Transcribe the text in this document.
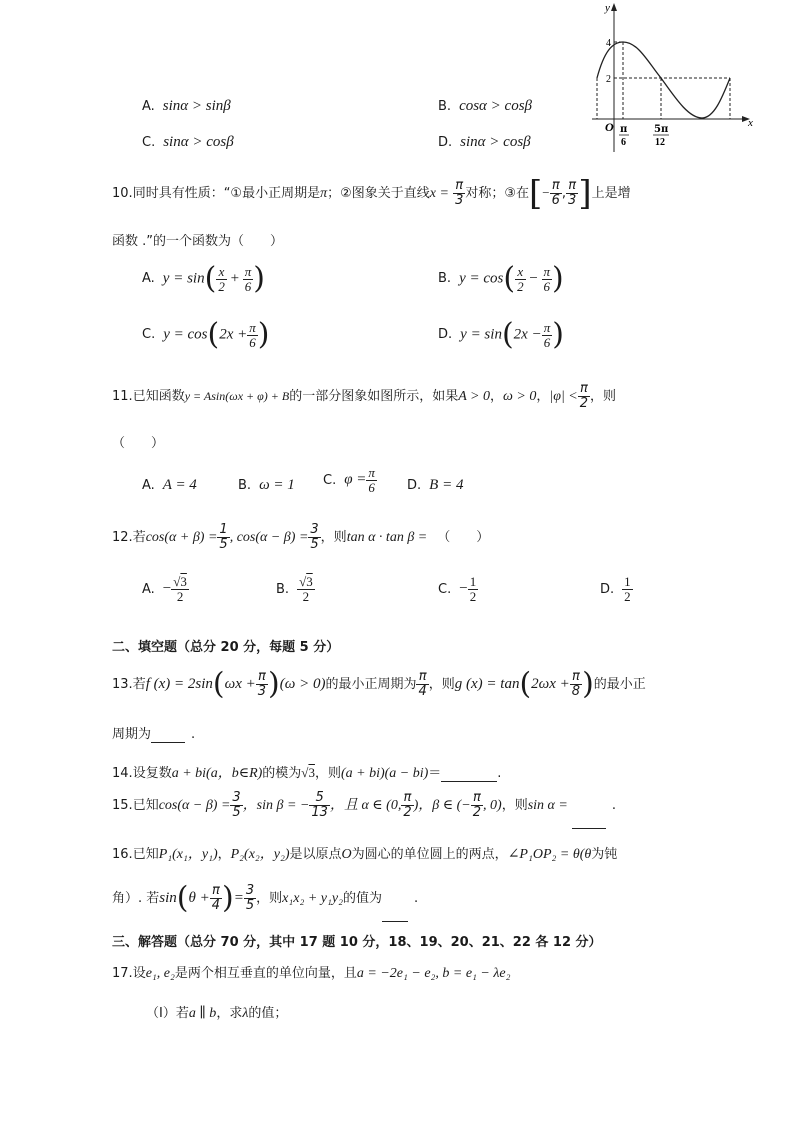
y
x
O
4
2
π
6
5π
12
A. sinα > sinβ	B. cosα > cosβ
C. sinα > cosβ	D. sinα > cosβ
10.同时具有性质：“①最小正周期是π；②图象关于直线$x = \frac{\pi}{3}$ 对称；③在[− $\frac{\pi}{6}$ , $\frac{\pi}{3}$ ]上是增
函数 .”的一个函数为（　　）
A. $y = \sin( \frac{x}{2} + \frac{\pi}{6}$ )	B. $y = \cos( \frac{x}{2} - \frac{\pi}{6}$ )
C. $y = \cos(2x + \frac{\pi}{6}$ )	D. $y = \sin(2x - \frac{\pi}{6}$ )
11.已知函数y = Asin(ωx + φ) + B的一部分图象如图所示，如果A > 0，ω > 0，$|\varphi| < \frac{\pi}{2}$ ，则
（　　）
A. A = 4	B. ω = 1 C. $\varphi = \frac{\pi}{6} D$. B = 4
12.若$\cos(\alpha + \beta) = \frac{1}{5}$ , $\cos(\alpha - \beta) = \frac{3}{5}$ ，则tan α · tan β = （　　）
A. − $\frac{√3}{2}$	B. $\frac{√3}{2}$	C. − $\frac{1}{2}$	D. $\frac{1}{2}$
二、填空题（总分 20 分，每题 5 分）
13.若f $(x) = 2\sin(\omega x + \frac{\pi}{3} )(\omega > 0)$的最小正周期为 $\frac{\pi}{4}$ ，则g $(x) = \tan(2\omega x + \frac{\pi}{8}$ )的最小正
周期为	.
14.设复数a + bi(a，b∈R)的模为√3，则(a + bi)(a − bi)＝	.
15.已知$\cos(\alpha - \beta) = \frac{3}{5}$ ，sin β = − $\frac{5}{13}$ ，且 α ∈ (0, $\frac{\pi}{2}$ )，β ∈ (− $\frac{\pi}{2}$ , 0)，则sin α =	.
16.已知P₁(x₁，y₁)，P₂(x₂，y₂)是以原点O为圆心的单位圆上的两点，∠P₁OP₂ = θ(θ为钝
角）. 若$\sin(\theta + \frac{\pi}{4}$ )= $\frac{3}{5}$ ，则x₁x₂ + y₁y₂的值为 .
三、解答题（总分 70 分，其中 17 题 10 分，18、19、20、21、22 各 12 分）
17.设e₁, e₂是两个相互垂直的单位向量，且a = −2e₁ − e₂, b = e₁ − λe₂
（Ⅰ）若a ∥ b，求λ的值；
